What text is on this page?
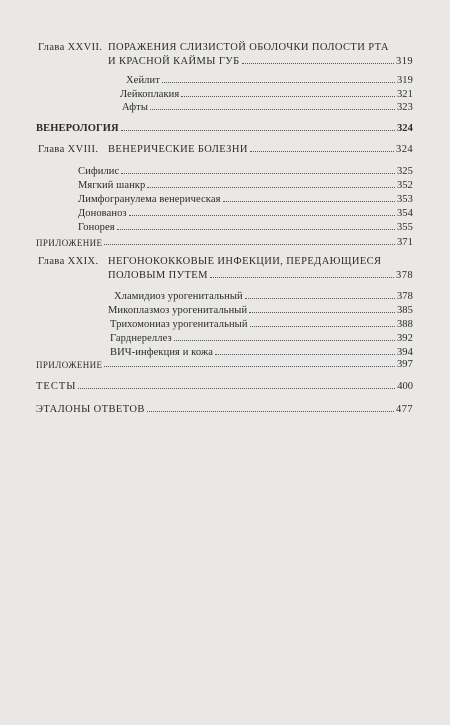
Глава XXVII. ПОРАЖЕНИЯ СЛИЗИСТОЙ ОБОЛОЧКИ ПОЛОСТИ РТА
И КРАСНОЙ КАЙМЫ ГУБ	319
Хейлит	319
Лейкоплакия	321
Афты	323
ВЕНЕРОЛОГИЯ	324
Глава XVIII. ВЕНЕРИЧЕСКИЕ БОЛЕЗНИ	324
Сифилис	325
Мягкий шанкр	352
Лимфогранулема венерическая	353
Донованоз	354
Гонорея	355
ПРИЛОЖЕНИЕ	371
Глава XXIX. НЕГОНОКОККОВЫЕ ИНФЕКЦИИ, ПЕРЕДАЮЩИЕСЯ
ПОЛОВЫМ ПУТЕМ	378
Хламидиоз урогенитальный	378
Микоплазмоз урогенитальный	385
Трихомониаз урогенитальный	388
Гарднереллез	392
ВИЧ-инфекция и кожа	394
ПРИЛОЖЕНИЕ	397
ТЕСТЫ	400
ЭТАЛОНЫ ОТВЕТОВ	477
